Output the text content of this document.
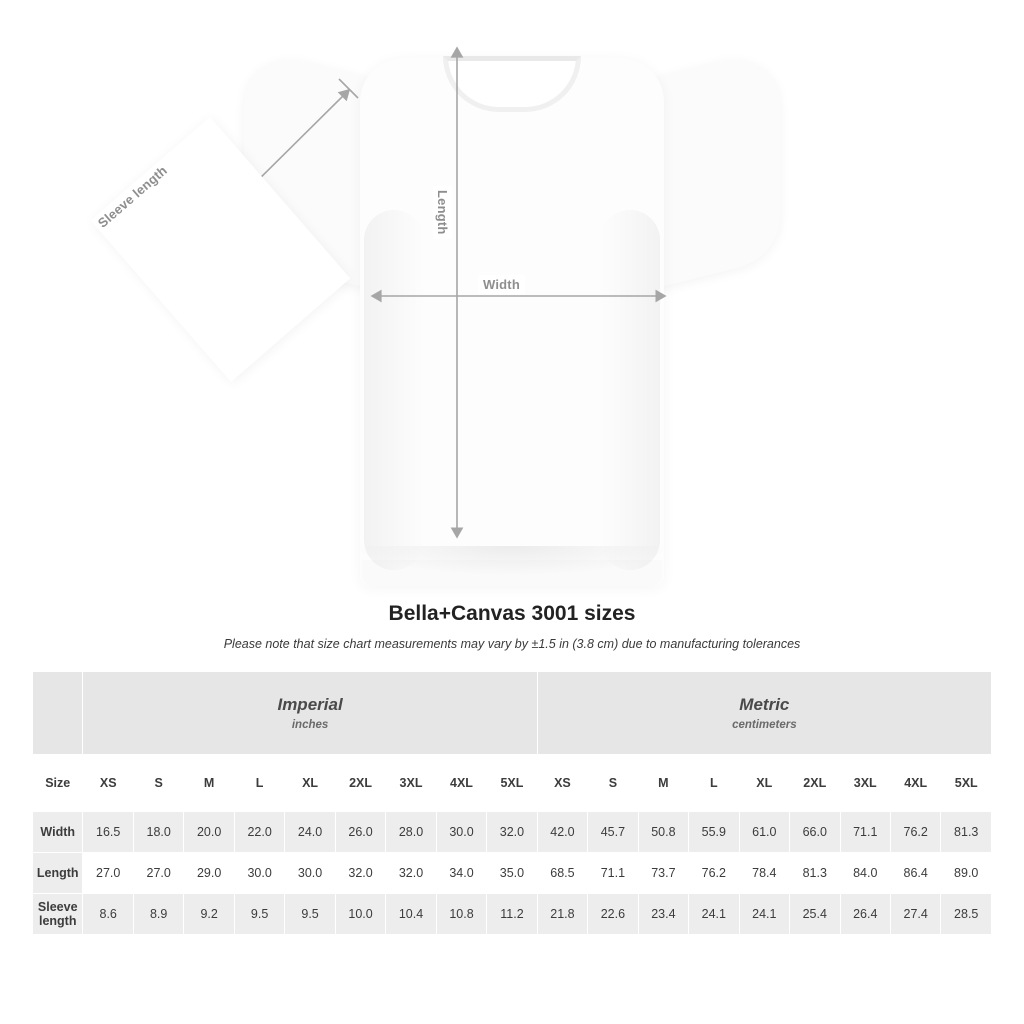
Sleeve length	Length
Width
Bella+Canvas 3001 sizes
Please note that size chart measurements may vary by ±1.5 in (3.8 cm) due to manufacturing tolerances

	Imperial
inches									Metric
centimeters								

Size	XS	S	M	L	XL	2XL	3XL	4XL	5XL	XS	S	M	L	XL	2XL	3XL	4XL	5XL
Width	16.5	18.0	20.0	22.0	24.0	26.0	28.0	30.0	32.0	42.0	45.7	50.8	55.9	61.0	66.0	71.1	76.2	81.3
Length	27.0	27.0	29.0	30.0	30.0	32.0	32.0	34.0	35.0	68.5	71.1	73.7	76.2	78.4	81.3	84.0	86.4	89.0
Sleeve length	8.6	8.9	9.2	9.5	9.5	10.0	10.4	10.8	11.2	21.8	22.6	23.4	24.1	24.1	25.4	26.4	27.4	28.5
